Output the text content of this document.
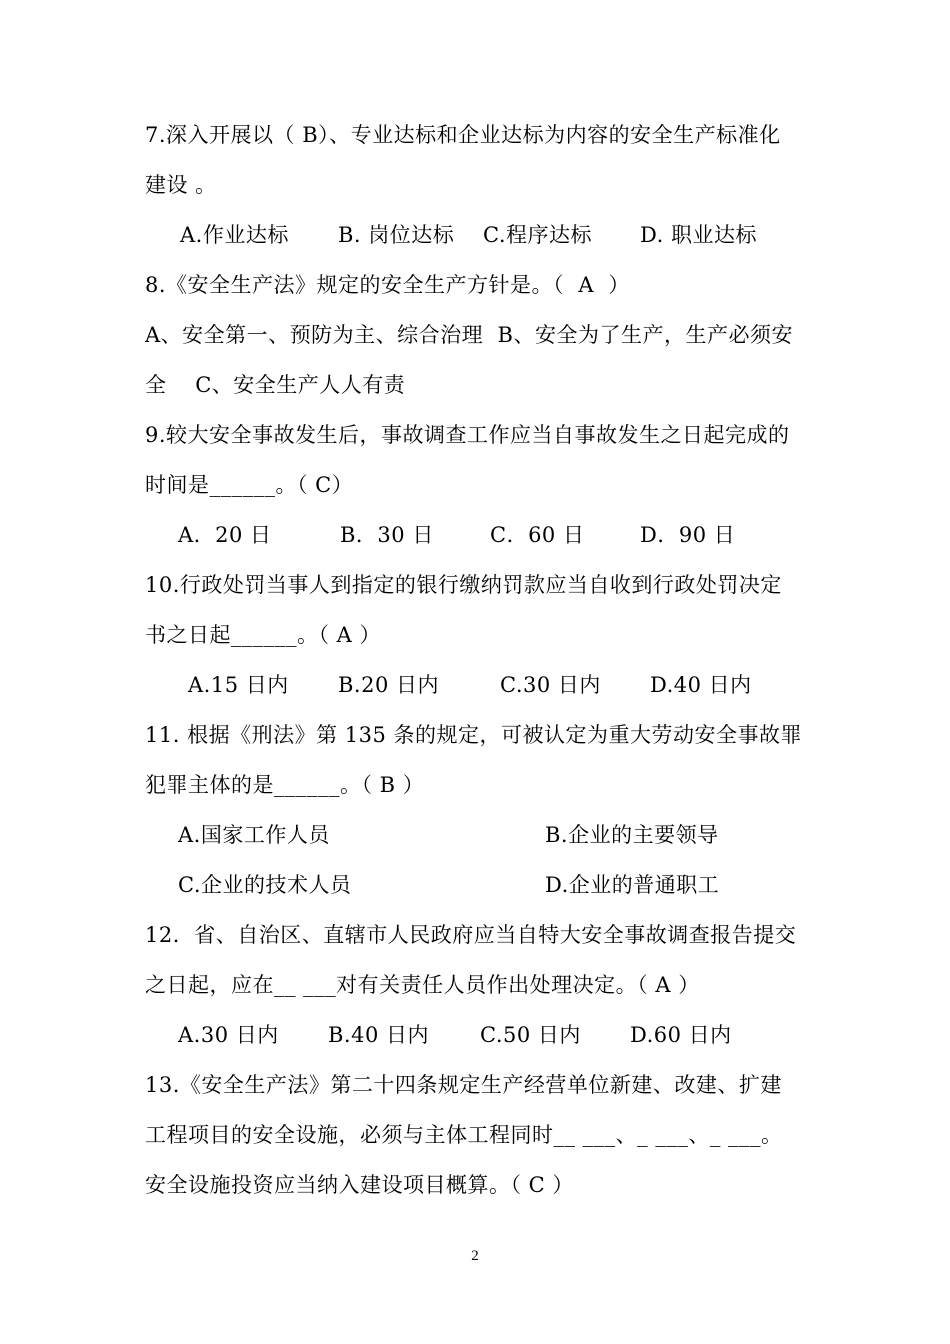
7.深入开展以（ B）、专业达标和企业达标为内容的安全生产标准化

建设 。

A.作业达标

B. 岗位达标

C.程序达标

D. 职业达标

8.《安全生产法》规定的安全生产方针是。（  A  ）

A、安全第一、预防为主、综合治理  B、安全为了生产，生产必须安

全    C、安全生产人人有责

9.较大安全事故发生后，事故调查工作应当自事故发生之日起完成的

时间是______。（ C）

A．20 日

	B．30 日

	C．60 日

	D．90 日

10.行政处罚当事人到指定的银行缴纳罚款应当自收到行政处罚决定

书之日起______。（ A ）

A.15 日内

B.20 日内

	C.30 日内

D.40 日内

11. 根据《刑法》第 135 条的规定，可被认定为重大劳动安全事故罪

犯罪主体的是______。（ B ）

A.国家工作人员

	B.企业的主要领导

C.企业的技术人员

	D.企业的普通职工

12．省、自治区、直辖市人民政府应当自特大安全事故调查报告提交

之日起，应在__ ___对有关责任人员作出处理决定。（ A ）

A.30 日内

B.40 日内

C.50 日内

D.60 日内

13.《安全生产法》第二十四条规定生产经营单位新建、改建、扩建

工程项目的安全设施，必须与主体工程同时__ ___、_ ___、_ ___。

安全设施投资应当纳入建设项目概算。（ C ）

2
